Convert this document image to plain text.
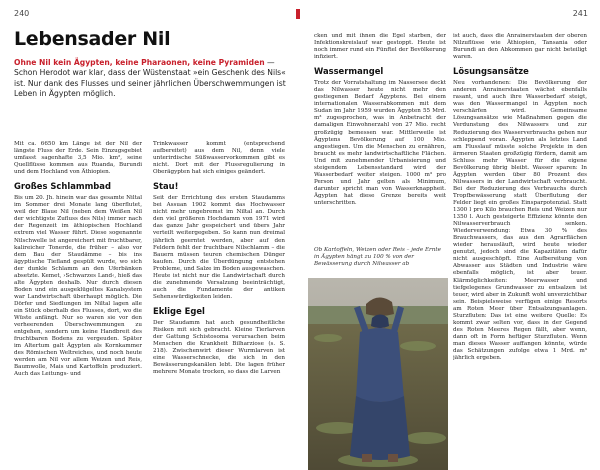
240
Lebensader Nil

Ohne Nil kein Ägypten, keine Pharaonen, keine Pyramiden — Schon Herodot war klar, dass der Wüstenstaat »ein Geschenk des Nils« ist. Nur dank des Flusses und seiner jährlichen Überschwemmungen ist Leben in Ägypten möglich.

Mit ca. 6650 km Länge ist der Nil der längste Fluss der Erde. Sein Einzugsgebiet umfasst sagenhafte 3,5 Mio. km², seine Quellflüsse kommen aus Ruanda, Burundi und dem Hochland von Äthiopien.

Großes Schlammbad

Bis um 20. Jh. hinein war das gesamte Niltal im Sommer drei Monate lang überflutet, weil der Blaue Nil (neben dem Weißen Nil der wichtigste Zufluss des Nils) immer nach der Regenzeit im äthiopischen Hochland extrem viel Wasser führt. Diese sogenannte Nilschwelle ist angereichert mit fruchtbarer, kalireicher Tonerde, die früher – also vor dem Bau der Staudämme – bis ins ägyptische Tiefland gespült wurde, wo sich der dunkle Schlamm an den Uferbänken absetzte. Kemet, ›Schwarzes Land‹, hieß das alte Ägypten deshalb. Nur durch diesen Boden und ein ausgeklügeltes Kanalsystem war Landwirtschaft überhaupt möglich. Die Dörfer und Siedlungen im Niltal lagen alle ein Stück oberhalb des Flusses, dort, wo die Wüste anfängt. Nur so waren sie vor den verheerenden Überschwemmungen zu entgehen, sondern um keine Handbreit des fruchtbaren Bodens zu vergeuden. Später im Altertum galt Ägypten als Kornkammer des Römischen Weltreiches, und noch heute werden am Nil vor allem Weizen und Reis, Baumwolle, Mais und Kartoffeln produziert. Auch das Leitungs- und

Trinkwasser kommt (entsprechend aufbereitet) aus dem Nil, denn viele unterirdische Süßwasservorkommen gibt es nicht. Dort mit der Flussregulierung in Oberägypten hat sich einiges geändert.

Stau!

Seit der Errichtung des ersten Staudamms bei Assuan 1902 kommt das Hochwasser nicht mehr ungebremst im Niltal an. Durch den viel größeren Hochdamm von 1971 wird das ganze Jahr gespeichert und übers Jahr verteilt weitergegeben. So kann nun dreimal jährlich geerntet werden, aber auf den Feldern fehlt der fruchtbare Nilschlamm – die Bauern müssen teuren chemischen Dünger kaufen. Durch die Überdüngung entstehen Probleme, und Salze im Boden ausgewaschen. Heute ist nicht nur die Landwirtschaft durch die zunehmende Versalzung beeinträchtigt, auch die Fundamente der antiken Sehenswürdigkeiten leiden.

Eklige Egel

Der Staudamm hat auch gesundheitliche Risiken mit sich gebracht. Kleine Tierlarven der Gattung Schistosoma verursachen beim Menschen die Krankheit Bilharziose (s. S. 218). Zwischenwirt dieser Wurmlarven ist eine Wasserschnecke, die sich in den Bewässerungskanälen lebt. Die lagen früher mehrere Monate trocken, so dass die Larven

241

cken und mit ihnen die Egel starben, der Infektionskreislauf war gestoppt. Heute ist noch immer rund ein Fünftel der Bevölkerung infiziert.

Wassermangel

Trotz der Vorratshaltung im Nassersee deckt das Nilwasser heute nicht mehr den gestiegenen Bedarf Ägyptens. Bei einem internationalen Wasserabkommen mit dem Sudan im Jahr 1959 wurden Ägypten 55 Mrd. m³ zugesprochen, was in Anbetracht der damaligen Einwohnerzahl von 27 Mio. recht großzügig bemessen war. Mittlerweile ist Ägyptens Bevölkerung auf 100 Mio. angestiegen. Um die Menschen zu ernähren, braucht es mehr landwirtschaftliche Flächen. Und mit zunehmender Urbanisierung und steigendem Lebensstandard wird der Wasserbedarf weiter steigen. 1000 m³ pro Person und Jahr gelten als Minimum, darunter spricht man von Wasserknappheit. Ägypten hat diese Grenze bereits weit unterschritten.

Ob Kartoffeln, Weizen oder Reis – jede Ernte in Ägypten hängt zu 100 % von der Bewässerung durch Nilwasser ab

ist auch, dass die Anrainerstaaten der oberen Nilzuflüsse wie Äthiopien, Tansania oder Burundi an den Abkommen gar nicht beteiligt waren.

Lösungsansätze

Neu vorhandenen: Die Bevölkerung der anderen Anrainerstaaten wächst ebenfalls rasant, und auch ihre Wasserbedarf steigt, was den Wassermangel in Ägypten noch verschärfen wird. Gemeinsame Lösungsansätze wie Maßnahmen gegen die Verdunstung des Nilwassers und zur Reduzierung des Wasserverbrauchs gehen nur schleppend voran. Ägypten als letztes Land am Flusslauf müsste solche Projekte in den ärmeren Staaten großzügig fördern, damit am Schluss mehr Wasser für die eigene Bevölkerung übrig bleibt. Wasser sparen: In Ägypten werden über 80 Prozent des Nilwassers in der Landwirtschaft verbraucht. Bei der Reduzierung des Verbrauchs durch Tropfbewässerung statt Überflutung der Felder liegt ein großes Einsparpotenzial. Statt 1300 l pro Kilo brauchen Reis und Weizen nur 1350 l. Auch gesteigerte Effizienz könnte den Nilwasserverbrauch senken. Wiederverwendung: Etwa 30 % des Brauchwassers, das aus den Agrarflächen wieder herausläuft, wird heute wieder genutzt, jedoch sind die Kapazitäten dafür nicht ausgeschöpft. Eine Aufbereitung von Abwasser aus Städten und Industrie wäre ebenfalls möglich, ist aber teuer. Klärmöglichkeiten: Meerwasser und tiefgelegenes Grundwasser zu entsalzen ist teuer, wird aber in Zukunft wohl unverzichtbar sein. Beispielsweise verfügen einige Resorts am Roten Meer über Entsalzungsanlagen. Sturzfluten: Das ist eine weitere Quelle: Es kommt zwar selten vor, dass in der Gegend des Roten Meeres Regen fällt, aber wenn, dann oft in Form heftiger Sturzfluten. Wenn man dieses Wasser auffangen könnte, würde das Schätzungen zufolge etwa 1 Mrd. m³ jährlich ergeben.
